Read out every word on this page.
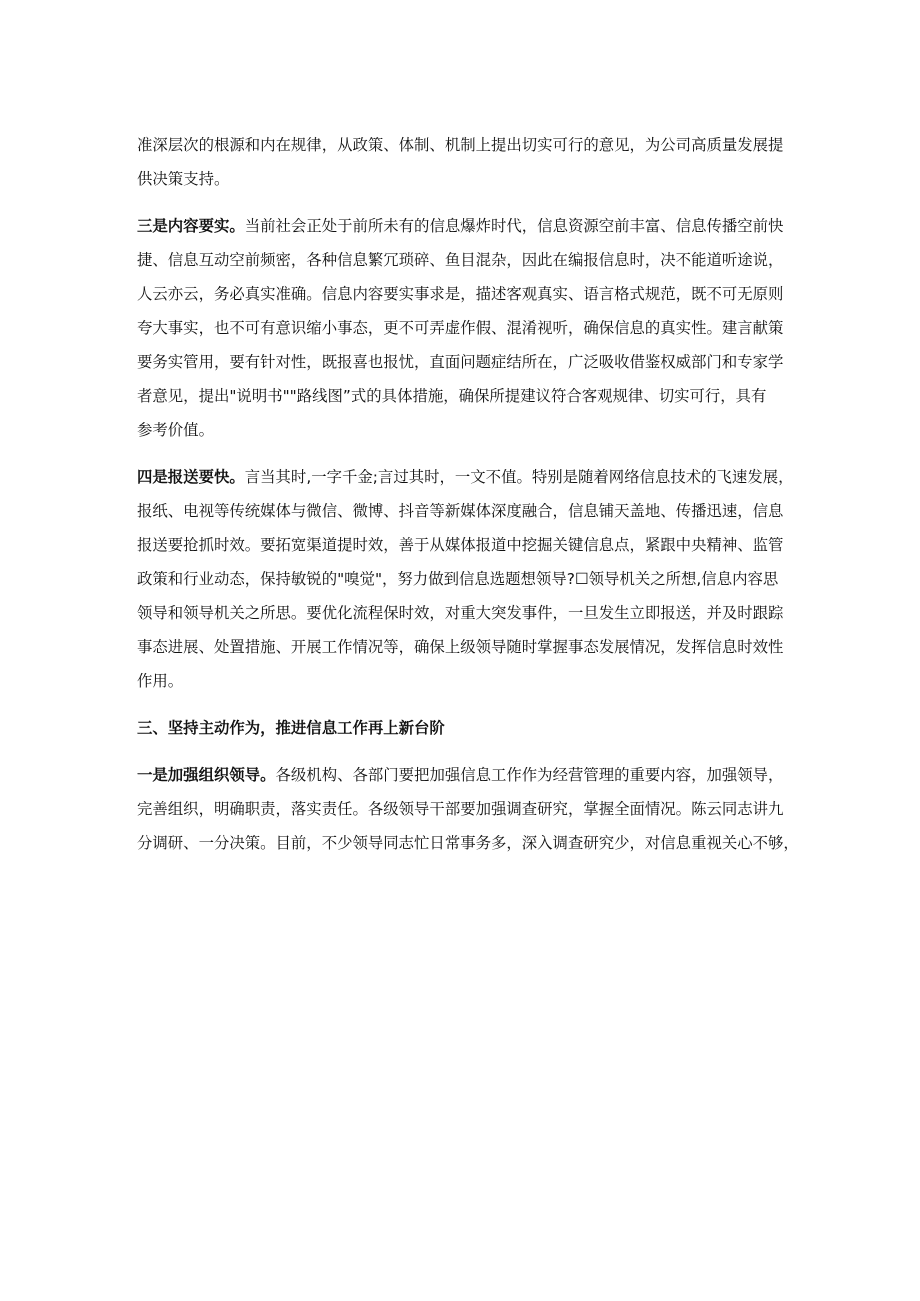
准深层次的根源和内在规律，从政策、体制、机制上提出切实可行的意见，为公司高质量发展提
供决策支持。
三是内容要实。当前社会正处于前所未有的信息爆炸时代，信息资源空前丰富、信息传播空前快
捷、信息互动空前频密，各种信息繁冗琐碎、鱼目混杂，因此在编报信息时，决不能道听途说，
人云亦云，务必真实准确。信息内容要实事求是，描述客观真实、语言格式规范，既不可无原则
夸大事实，也不可有意识缩小事态，更不可弄虚作假、混淆视听，确保信息的真实性。建言献策
要务实管用，要有针对性，既报喜也报忧，直面问题症结所在，广泛吸收借鉴权威部门和专家学
者意见，提出"说明书""路线图”式的具体措施，确保所提建议符合客观规律、切实可行，具有
参考价值。
四是报送要快。言当其时,一字千金;言过其时，一文不值。特别是随着网络信息技术的飞速发展，
报纸、电视等传统媒体与微信、微博、抖音等新媒体深度融合，信息铺天盖地、传播迅速，信息
报送要抢抓时效。要拓宽渠道提时效，善于从媒体报道中挖掘关键信息点，紧跟中央精神、监管
政策和行业动态，保持敏锐的"嗅觉"，努力做到信息选题想领导?☐领导机关之所想,信息内容思
领导和领导机关之所思。要优化流程保时效，对重大突发事件，一旦发生立即报送，并及时跟踪
事态进展、处置措施、开展工作情况等，确保上级领导随时掌握事态发展情况，发挥信息时效性
作用。
三、坚持主动作为，推进信息工作再上新台阶
一是加强组织领导。各级机构、各部门要把加强信息工作作为经营管理的重要内容，加强领导，
完善组织，明确职责，落实责任。各级领导干部要加强调查研究，掌握全面情况。陈云同志讲九
分调研、一分决策。目前，不少领导同志忙日常事务多，深入调查研究少，对信息重视关心不够，
